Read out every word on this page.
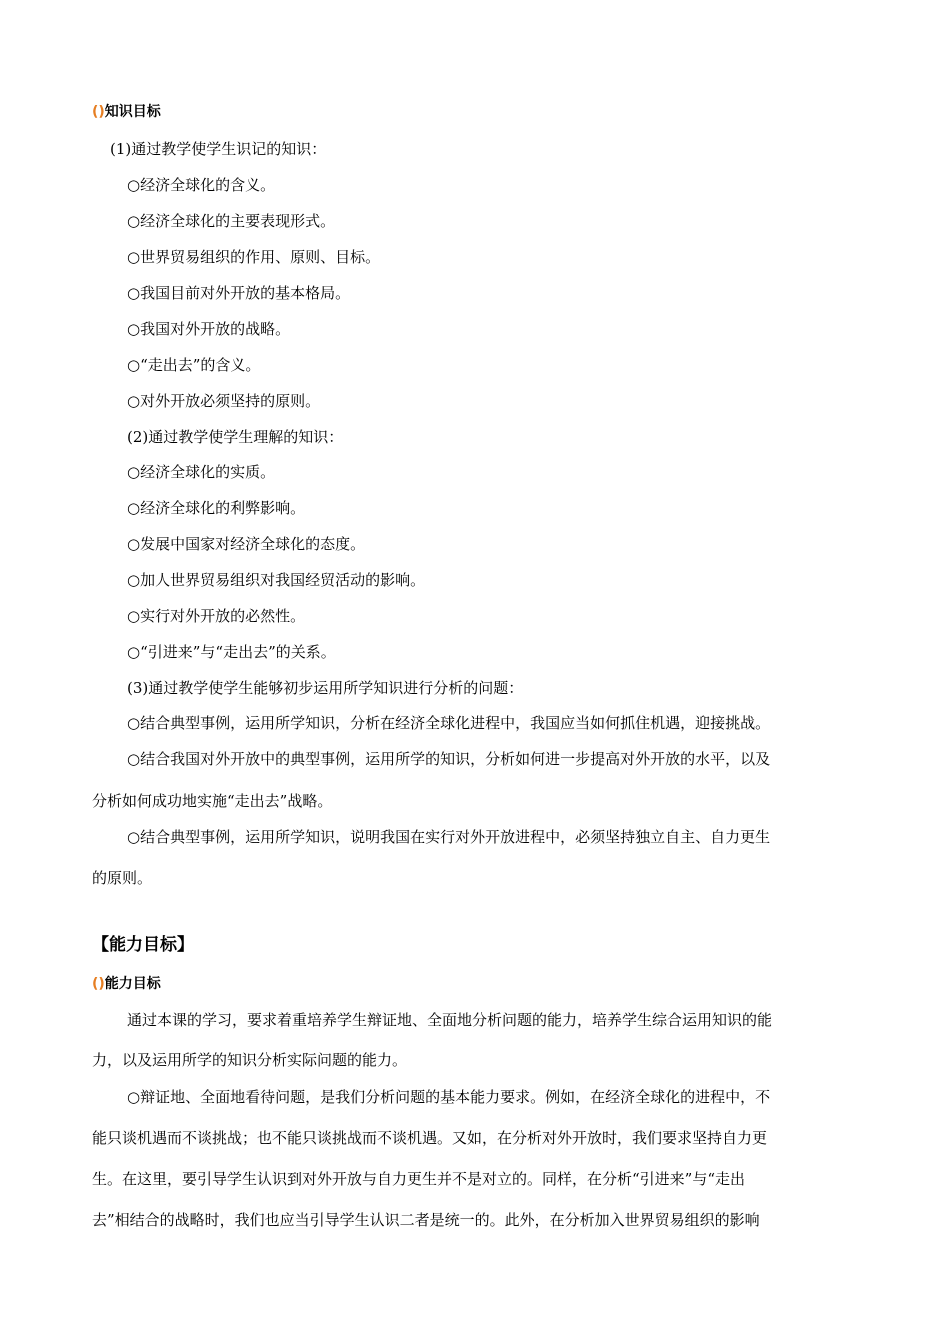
()知识目标
(1)通过教学使学生识记的知识：
○经济全球化的含义。
○经济全球化的主要表现形式。
○世界贸易组织的作用、原则、目标。
○我国目前对外开放的基本格局。
○我国对外开放的战略。
○“走出去”的含义。
○对外开放必须坚持的原则。
(2)通过教学使学生理解的知识：
○经济全球化的实质。
○经济全球化的利弊影响。
○发展中国家对经济全球化的态度。
○加人世界贸易组织对我国经贸活动的影响。
○实行对外开放的必然性。
○“引进来”与“走出去”的关系。
(3)通过教学使学生能够初步运用所学知识进行分析的问题：
○结合典型事例，运用所学知识，分析在经济全球化进程中，我国应当如何抓住机遇，迎接挑战。
○结合我国对外开放中的典型事例，运用所学的知识，分析如何进一步提高对外开放的水平，以及
分析如何成功地实施“走出去”战略。
○结合典型事例，运用所学知识，说明我国在实行对外开放进程中，必须坚持独立自主、自力更生
的原则。
【能力目标】
()能力目标
通过本课的学习，要求着重培养学生辩证地、全面地分析问题的能力，培养学生综合运用知识的能
力，以及运用所学的知识分析实际问题的能力。
○辩证地、全面地看待问题，是我们分析问题的基本能力要求。例如，在经济全球化的进程中，不
能只谈机遇而不谈挑战；也不能只谈挑战而不谈机遇。又如，在分析对外开放时，我们要求坚持自力更
生。在这里，要引导学生认识到对外开放与自力更生并不是对立的。同样，在分析“引进来”与“走出
去”相结合的战略时，我们也应当引导学生认识二者是统一的。此外，在分析加入世界贸易组织的影响
